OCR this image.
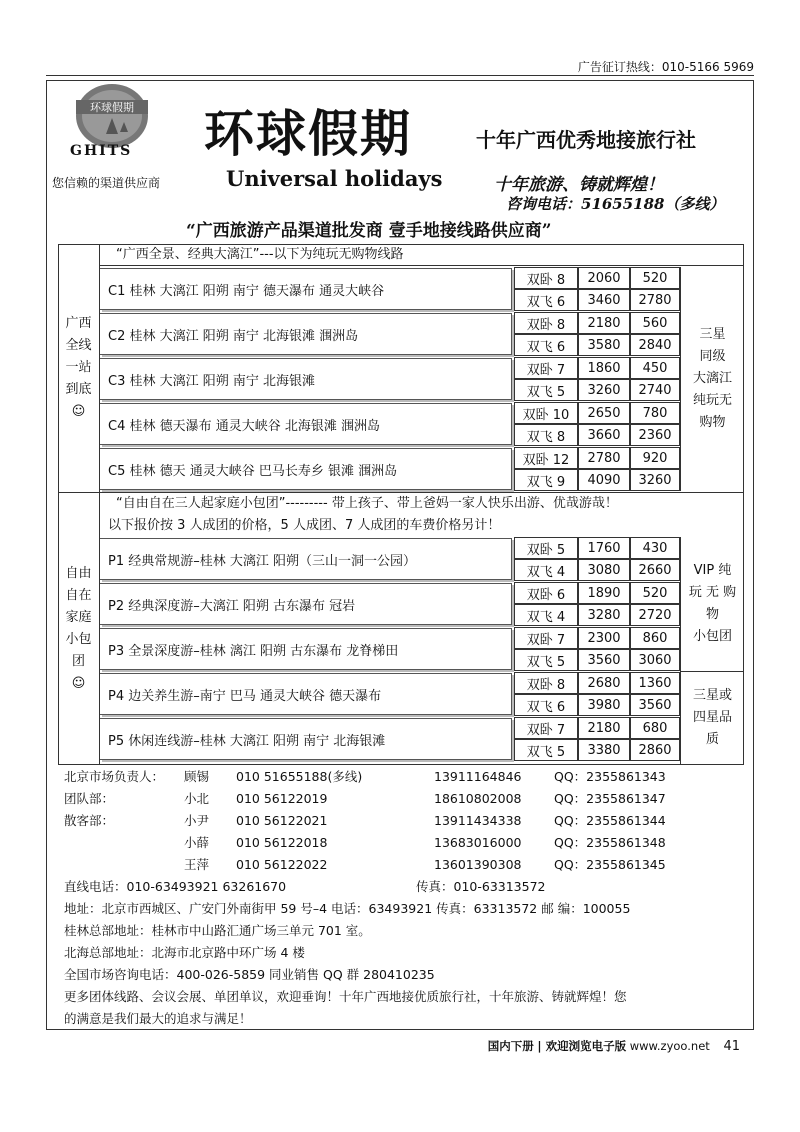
广告征订热线：010-5166 5969
环球假期
GHITS
您信赖的渠道供应商
环球假期	十年广西优秀地接旅行社
Universal holidays	十年旅游、铸就辉煌！
咨询电话：51655188（多线）
“广西旅游产品渠道批发商 壹手地接线路供应商”
广西
全线
一站
到底
☺
“广西全景、经典大漓江”---以下为纯玩无购物线路
C1 桂林 大漓江 阳朔 南宁 德天瀑布 通灵大峡谷
双卧 8	2060	520
双飞 6	3460	2780
C2 桂林 大漓江 阳朔 南宁 北海银滩 涠洲岛
双卧 8	2180	560
双飞 6	3580	2840
C3 桂林 大漓江 阳朔 南宁 北海银滩
双卧 7	1860	450
双飞 5	3260	2740
C4 桂林 德天瀑布 通灵大峡谷 北海银滩 涠洲岛
双卧 10	2650	780
双飞 8	3660	2360
C5 桂林 德天 通灵大峡谷 巴马长寿乡 银滩 涠洲岛
双卧 12	2780	920
双飞 9	4090	3260
三星
同级
大漓江
纯玩无
购物
自由
自在
家庭
小包
团
☺
“自由自在三人起家庭小包团”--------- 带上孩子、带上爸妈一家人快乐出游、优哉游哉！
以下报价按 3 人成团的价格，5 人成团、7 人成团的车费价格另计！
P1 经典常规游–桂林 大漓江 阳朔（三山一洞一公园）
双卧 5	1760	430
双飞 4	3080	2660
P2 经典深度游–大漓江 阳朔 古东瀑布 冠岩
双卧 6	1890	520
双飞 4	3280	2720
P3 全景深度游–桂林 漓江 阳朔 古东瀑布 龙脊梯田
双卧 7	2300	860
双飞 5	3560	3060
P4 边关养生游–南宁 巴马 通灵大峡谷 德天瀑布
双卧 8	2680	1360
双飞 6	3980	3560
P5 休闲连线游–桂林 大漓江 阳朔 南宁 北海银滩
双卧 7	2180	680
双飞 5	3380	2860
VIP 纯
玩 无 购
物
小包团
三星或
四星品
质
北京市场负责人： 顾锡 010 51655188(多线)	13911164846	QQ：2355861343
团队部：	小北 010 56122019	18610802008	QQ：2355861347
散客部：	小尹 010 56122021	13911434338	QQ：2355861344
小薛 010 56122018	13683016000	QQ：2355861348
王萍 010 56122022	13601390308	QQ：2355861345
直线电话：010-63493921 63261670	传真：010-63313572
地址：北京市西城区、广安门外南街甲 59 号–4 电话：63493921 传真：63313572 邮 编：100055
桂林总部地址：桂林市中山路汇通广场三单元 701 室。
北海总部地址：北海市北京路中环广场 4 楼
全国市场咨询电话：400-026-5859 同业销售 QQ 群 280410235
更多团体线路、会议会展、单团单议，欢迎垂询！十年广西地接优质旅行社，十年旅游、铸就辉煌！您
的满意是我们最大的追求与满足！
国内下册 | 欢迎浏览电子版 www.zyoo.net 41
